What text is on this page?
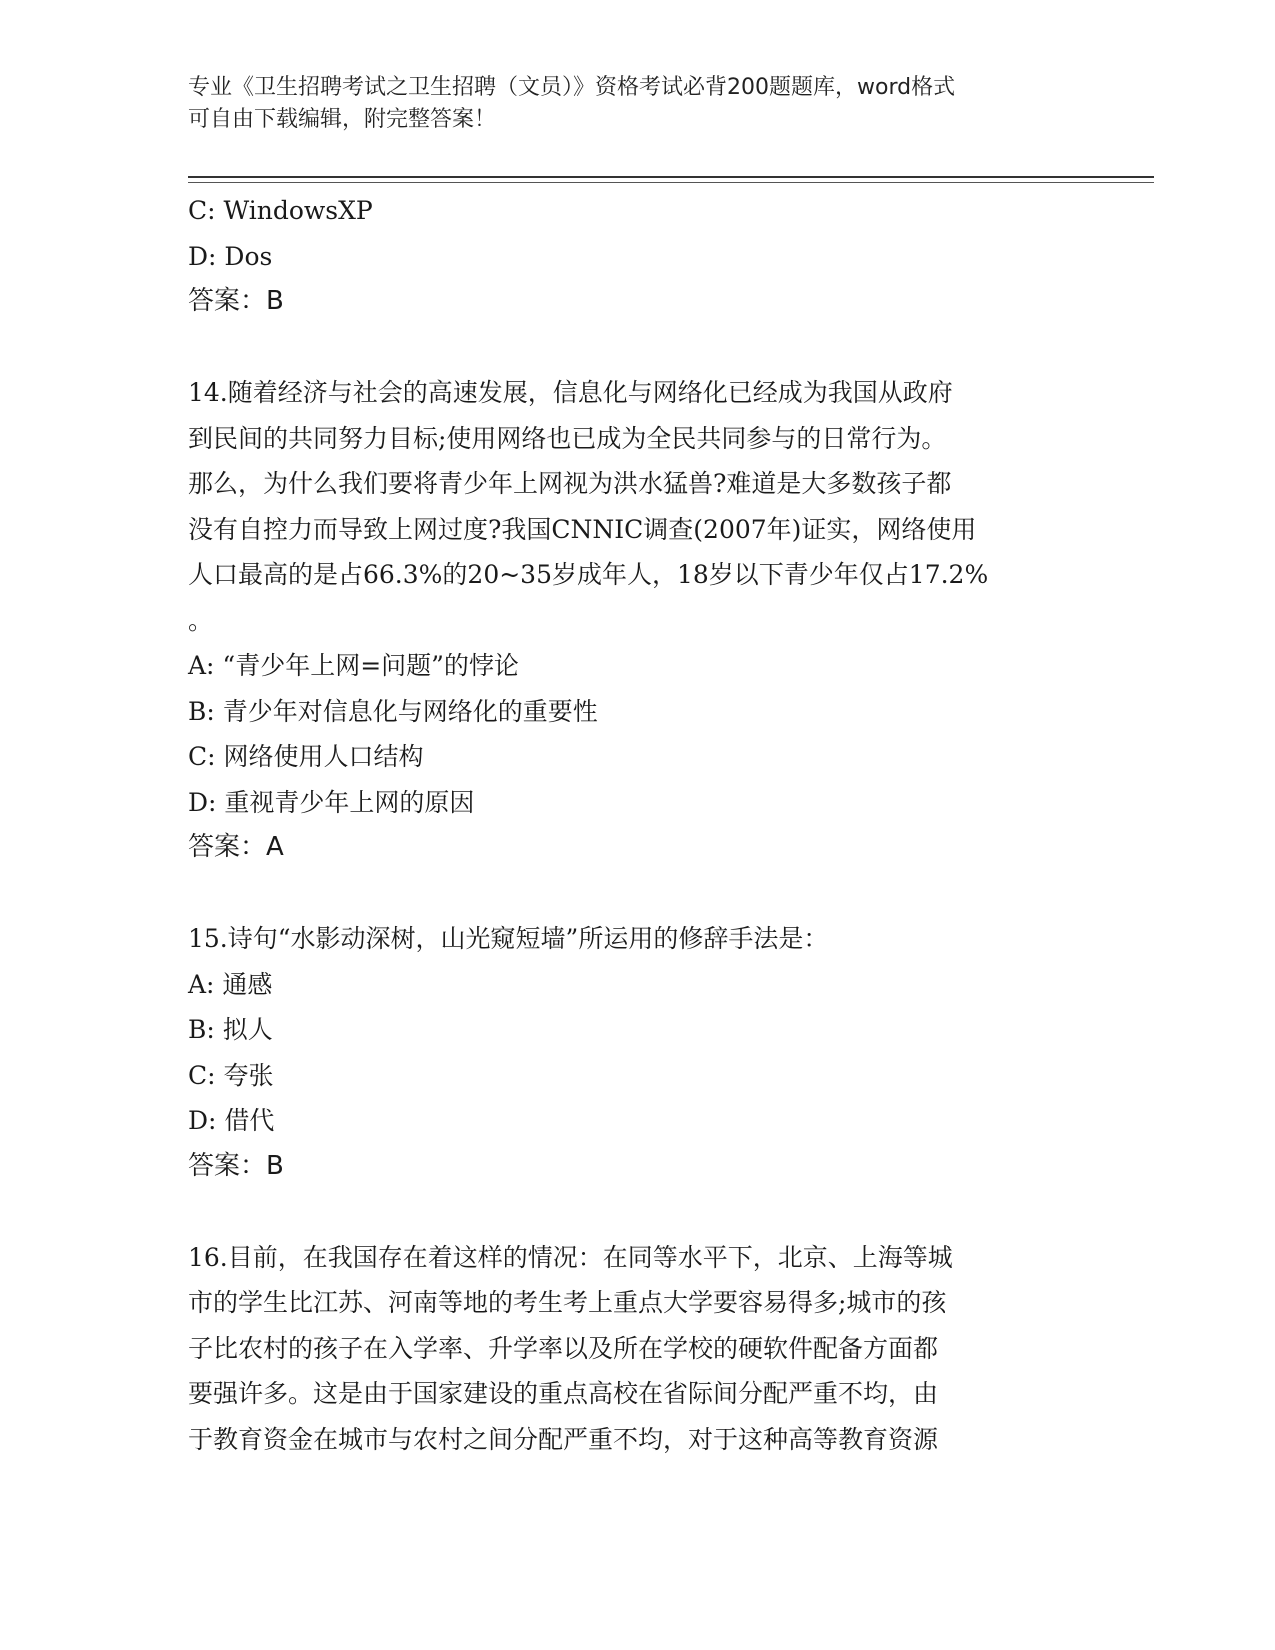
专业《卫生招聘考试之卫生招聘（文员）》资格考试必背200题题库，word格式
可自由下载编辑，附完整答案！
C: WindowsXP
D: Dos
答案：B
14.随着经济与社会的高速发展，信息化与网络化已经成为我国从政府
到民间的共同努力目标;使用网络也已成为全民共同参与的日常行为。
那么，为什么我们要将青少年上网视为洪水猛兽?难道是大多数孩子都
没有自控力而导致上网过度?我国CNNIC调查(2007年)证实，网络使用
人口最高的是占66.3%的20~35岁成年人，18岁以下青少年仅占17.2%
。
A: “青少年上网=问题”的悖论
B: 青少年对信息化与网络化的重要性
C: 网络使用人口结构
D: 重视青少年上网的原因
答案：A
15.诗句“水影动深树，山光窥短墙”所运用的修辞手法是：
A: 通感
B: 拟人
C: 夸张
D: 借代
答案：B
16.目前，在我国存在着这样的情况：在同等水平下，北京、上海等城
市的学生比江苏、河南等地的考生考上重点大学要容易得多;城市的孩
子比农村的孩子在入学率、升学率以及所在学校的硬软件配备方面都
要强许多。这是由于国家建设的重点高校在省际间分配严重不均，由
于教育资金在城市与农村之间分配严重不均，对于这种高等教育资源
